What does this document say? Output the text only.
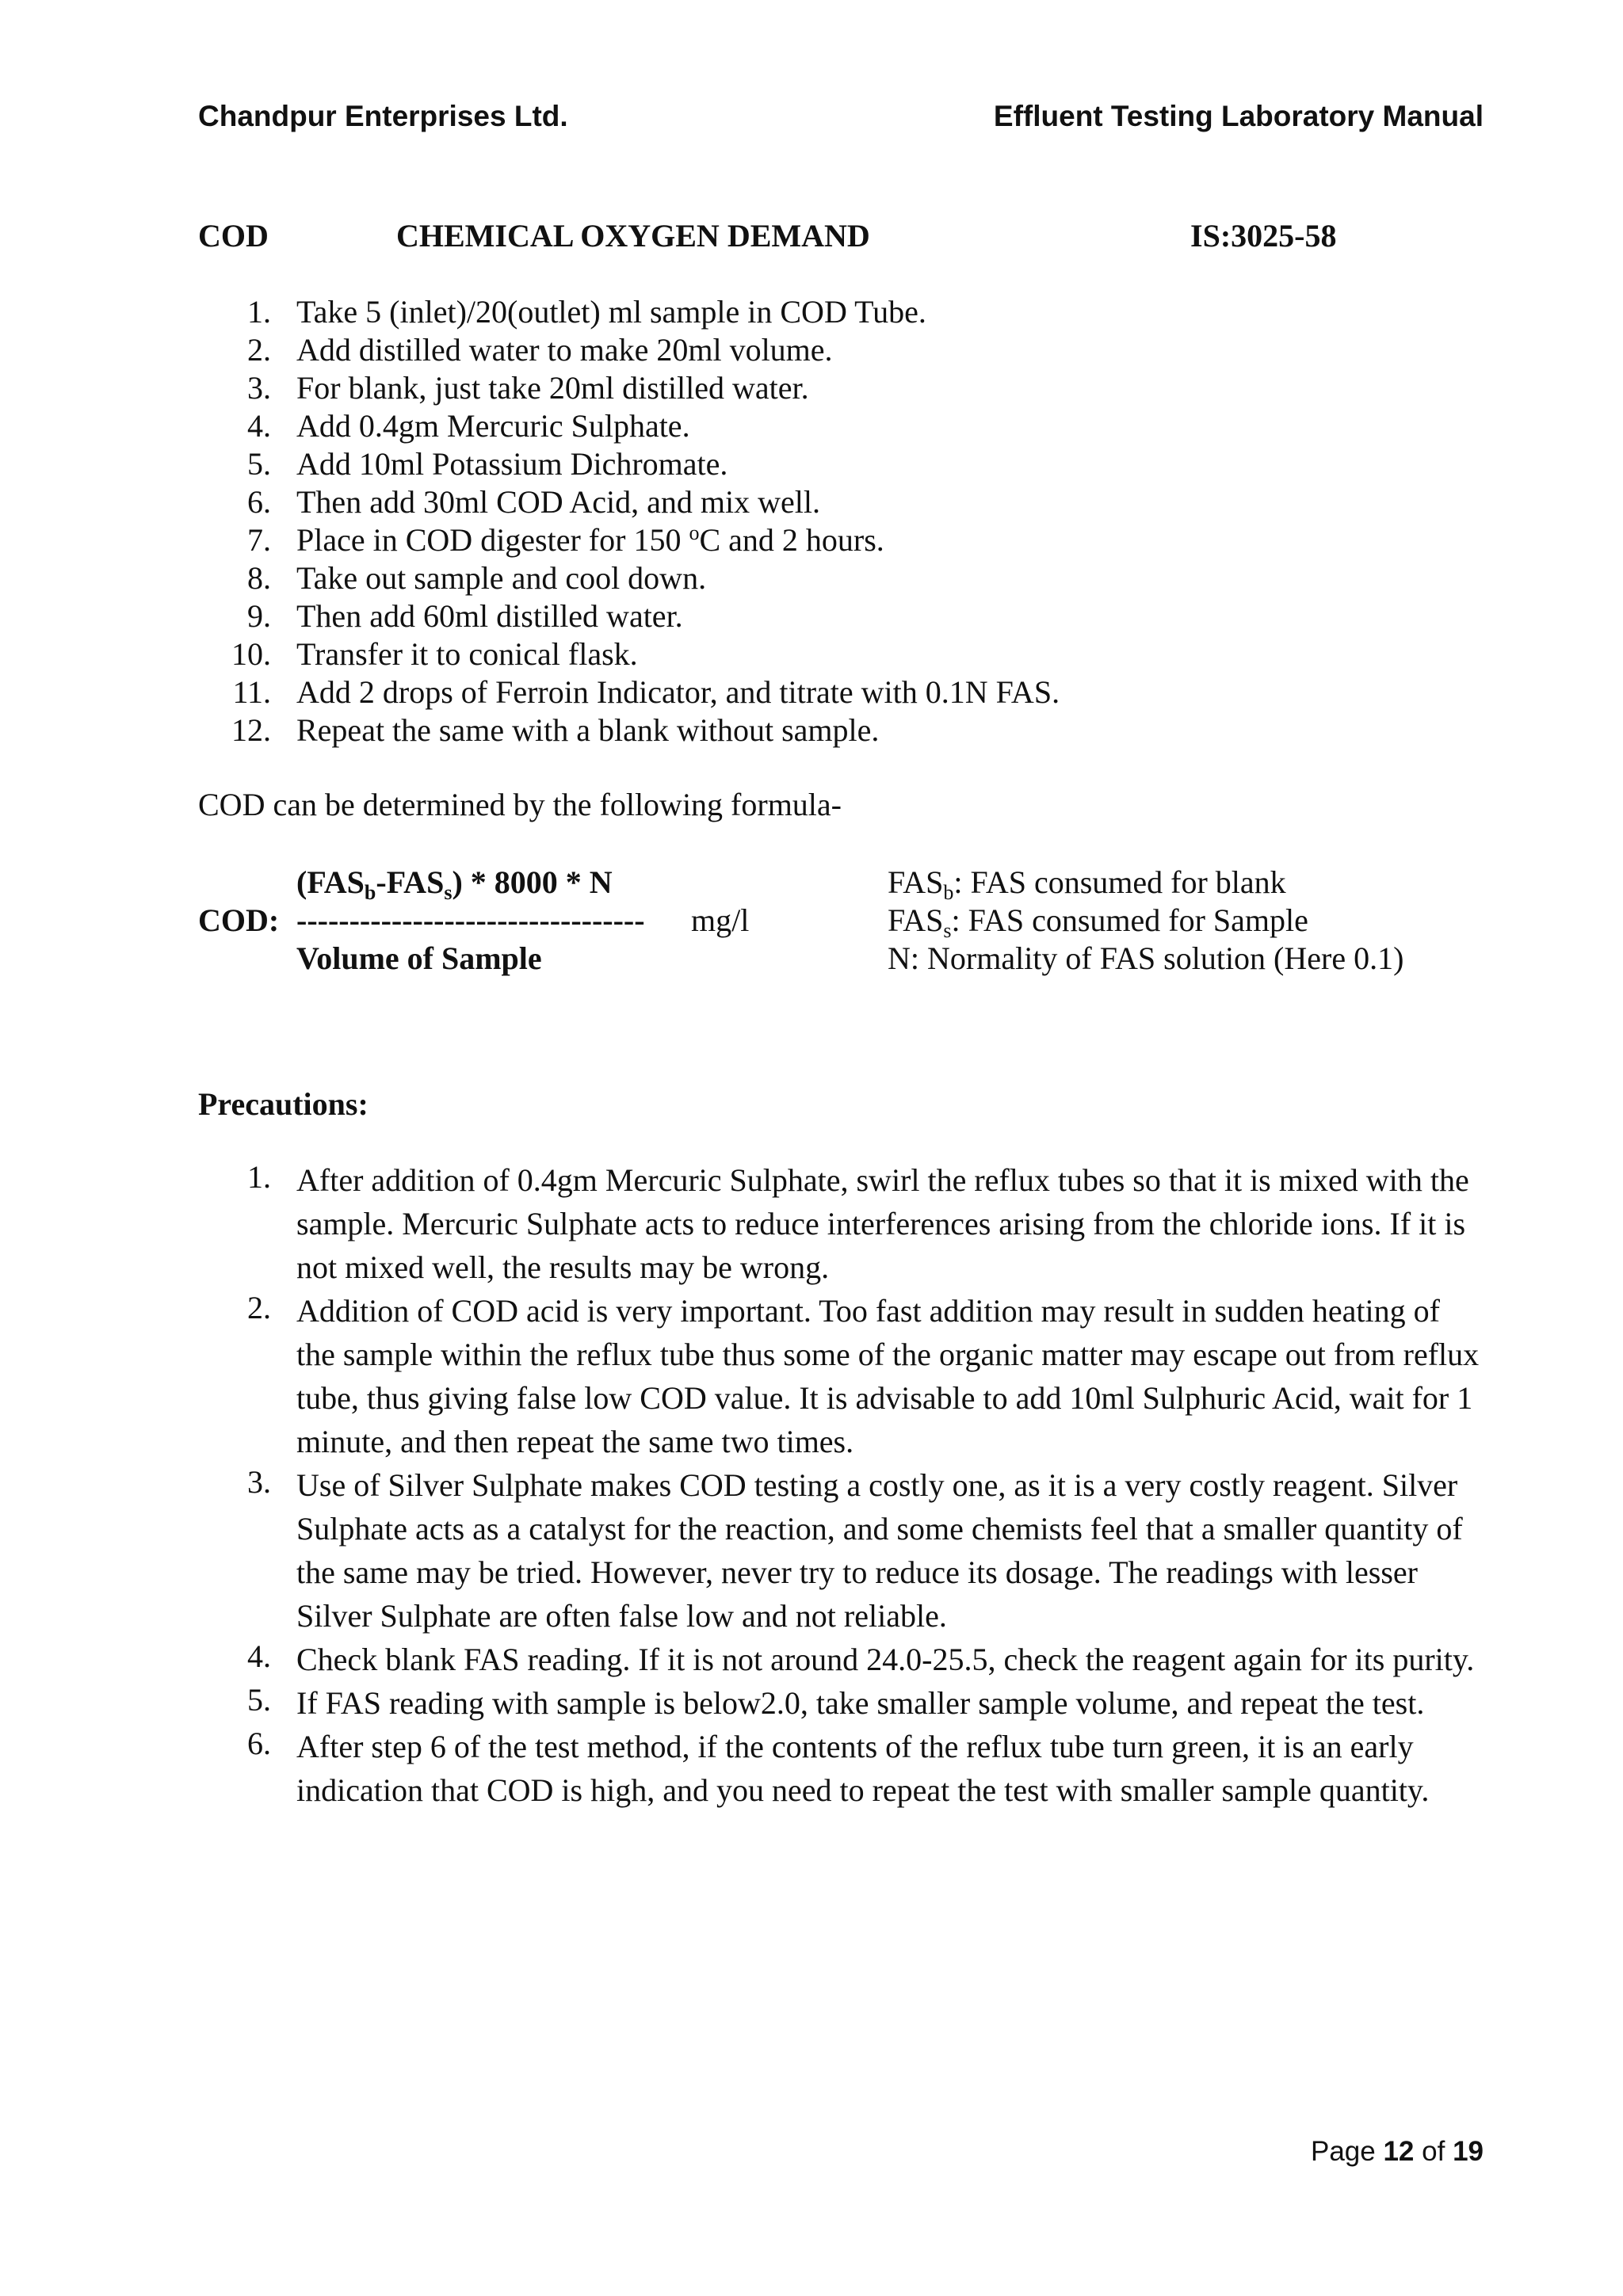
Chandpur Enterprises Ltd.	Effluent Testing Laboratory Manual
COD	CHEMICAL OXYGEN DEMAND	IS:3025-58
1. Take 5 (inlet)/20(outlet) ml sample in COD Tube.
2. Add distilled water to make 20ml volume.
3. For blank, just take 20ml distilled water.
4. Add 0.4gm Mercuric Sulphate.
5. Add 10ml Potassium Dichromate.
6. Then add 30ml COD Acid, and mix well.
7. Place in COD digester for 150 $^o$C and 2 hours.
8. Take out sample and cool down.
9. Then add 60ml distilled water.
10. Transfer it to conical flask.
11. Add 2 drops of Ferroin Indicator, and titrate with 0.1N FAS.
12. Repeat the same with a blank without sample.
COD can be determined by the following formula-
$(FAS_b-FAS_s) * 8000$ * N
COD: --------------------------------- mg/l
Volume of Sample
$FAS_b$: FAS consumed for blank
$FAS_s$: FAS consumed for Sample
N: Normality of FAS solution (Here 0.1)
Precautions:
1. After addition of 0.4gm Mercuric Sulphate, swirl the reflux tubes so that it is mixed with the sample. Mercuric Sulphate acts to reduce interferences arising from the chloride ions. If it is not mixed well, the results may be wrong.
2. Addition of COD acid is very important. Too fast addition may result in sudden heating of the sample within the reflux tube thus some of the organic matter may escape out from reflux tube, thus giving false low COD value. It is advisable to add 10ml Sulphuric Acid, wait for 1 minute, and then repeat the same two times.
3. Use of Silver Sulphate makes COD testing a costly one, as it is a very costly reagent. Silver Sulphate acts as a catalyst for the reaction, and some chemists feel that a smaller quantity of the same may be tried. However, never try to reduce its dosage. The readings with lesser Silver Sulphate are often false low and not reliable.
4. Check blank FAS reading. If it is not around 24.0-25.5, check the reagent again for its purity.
5. If FAS reading with sample is below2.0, take smaller sample volume, and repeat the test.
6. After step 6 of the test method, if the contents of the reflux tube turn green, it is an early indication that COD is high, and you need to repeat the test with smaller sample quantity.
Page 12 of 19
